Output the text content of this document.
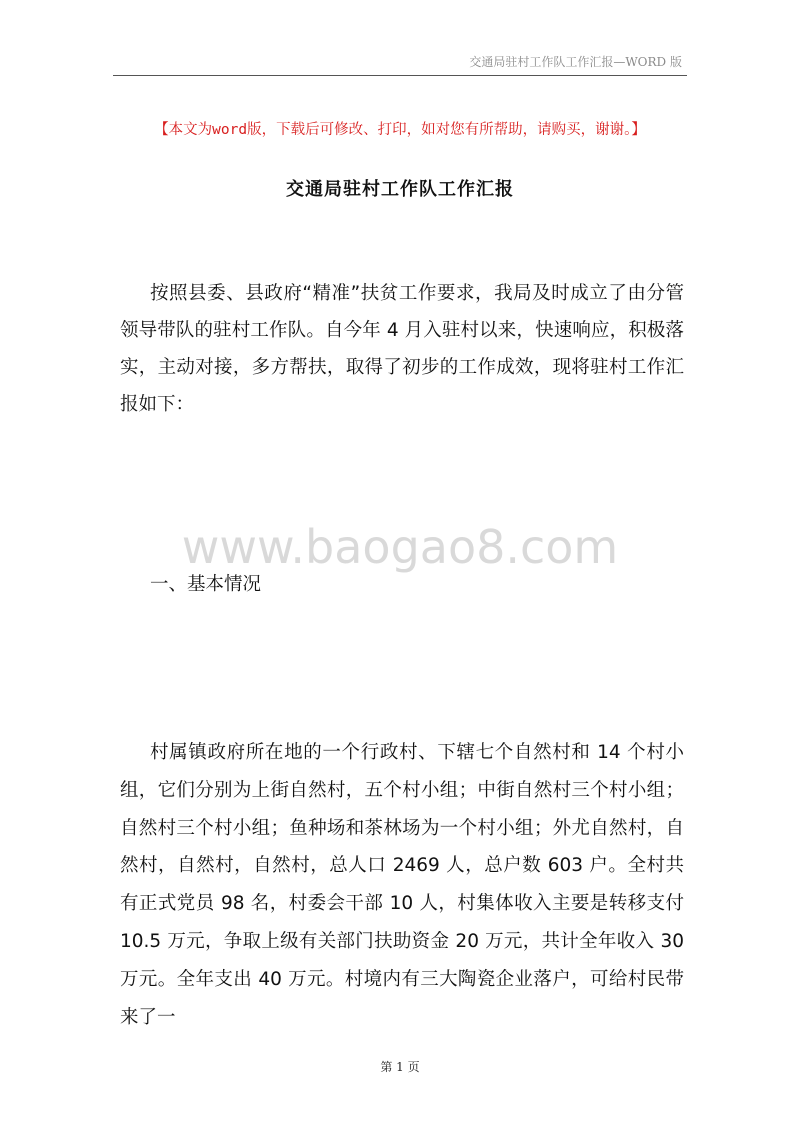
交通局驻村工作队工作汇报—WORD 版
【本文为word版，下载后可修改、打印，如对您有所帮助，请购买，谢谢。】
交通局驻村工作队工作汇报

按照县委、县政府“精准”扶贫工作要求，我局及时成立了由分管领导带队的驻村工作队。自今年 4 月入驻村以来，快速响应，积极落实，主动对接，多方帮扶，取得了初步的工作成效，现将驻村工作汇报如下：

www.baogao8.com
一、基本情况

村属镇政府所在地的一个行政村、下辖七个自然村和 14 个村小组，它们分别为上街自然村，五个村小组；中街自然村三个村小组；自然村三个村小组；鱼种场和茶林场为一个村小组；外尤自然村，自然村，自然村，自然村，总人口 2469 人，总户数 603 户。全村共有正式党员 98 名，村委会干部 10 人，村集体收入主要是转移支付 10.5 万元，争取上级有关部门扶助资金 20 万元，共计全年收入 30 万元。全年支出 40 万元。村境内有三大陶瓷企业落户，可给村民带来了一

第 1 页
